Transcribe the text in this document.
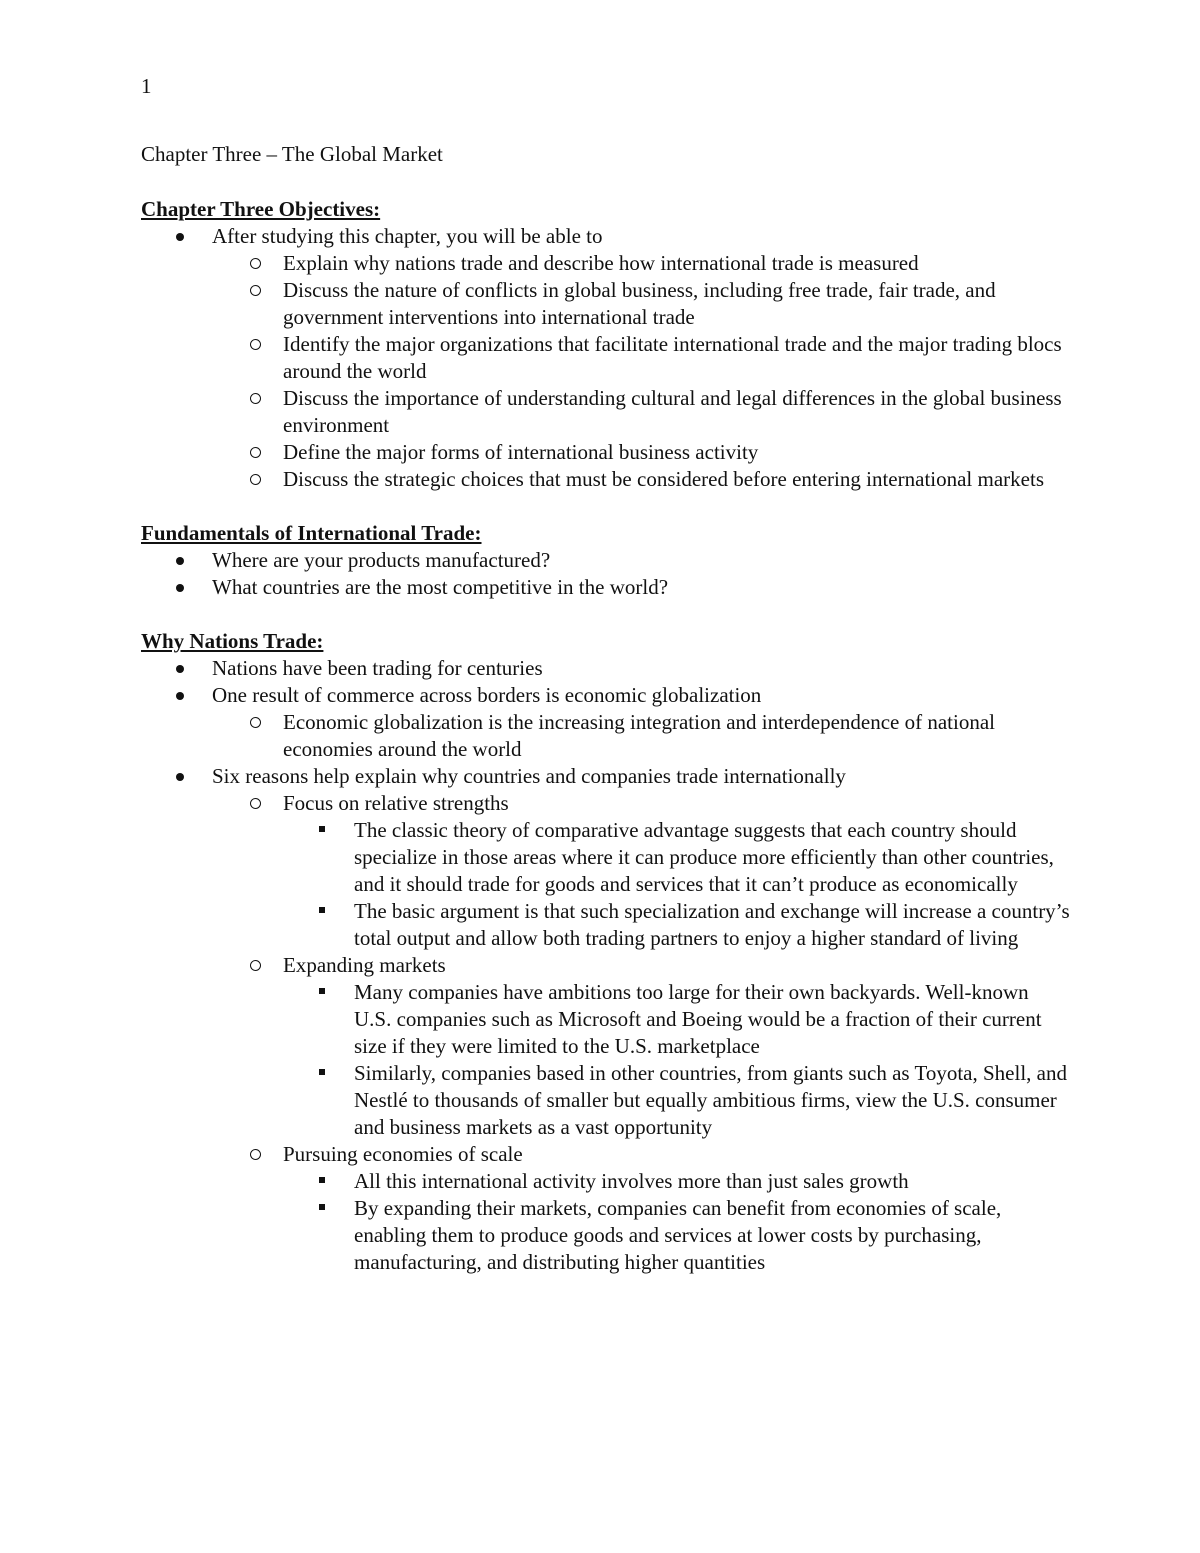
1
Chapter Three – The Global Market
Chapter Three Objectives:
After studying this chapter, you will be able to
Explain why nations trade and describe how international trade is measured
Discuss the nature of conflicts in global business, including free trade, fair trade, and government interventions into international trade
Identify the major organizations that facilitate international trade and the major trading blocs around the world
Discuss the importance of understanding cultural and legal differences in the global business environment
Define the major forms of international business activity
Discuss the strategic choices that must be considered before entering international markets
Fundamentals of International Trade:
Where are your products manufactured?
What countries are the most competitive in the world?
Why Nations Trade:
Nations have been trading for centuries
One result of commerce across borders is economic globalization
Economic globalization is the increasing integration and interdependence of national economies around the world
Six reasons help explain why countries and companies trade internationally
Focus on relative strengths
The classic theory of comparative advantage suggests that each country should specialize in those areas where it can produce more efficiently than other countries, and it should trade for goods and services that it can’t produce as economically
The basic argument is that such specialization and exchange will increase a country’s total output and allow both trading partners to enjoy a higher standard of living
Expanding markets
Many companies have ambitions too large for their own backyards. Well-known U.S. companies such as Microsoft and Boeing would be a fraction of their current size if they were limited to the U.S. marketplace
Similarly, companies based in other countries, from giants such as Toyota, Shell, and Nestlé to thousands of smaller but equally ambitious firms, view the U.S. consumer and business markets as a vast opportunity
Pursuing economies of scale
All this international activity involves more than just sales growth
By expanding their markets, companies can benefit from economies of scale, enabling them to produce goods and services at lower costs by purchasing, manufacturing, and distributing higher quantities
